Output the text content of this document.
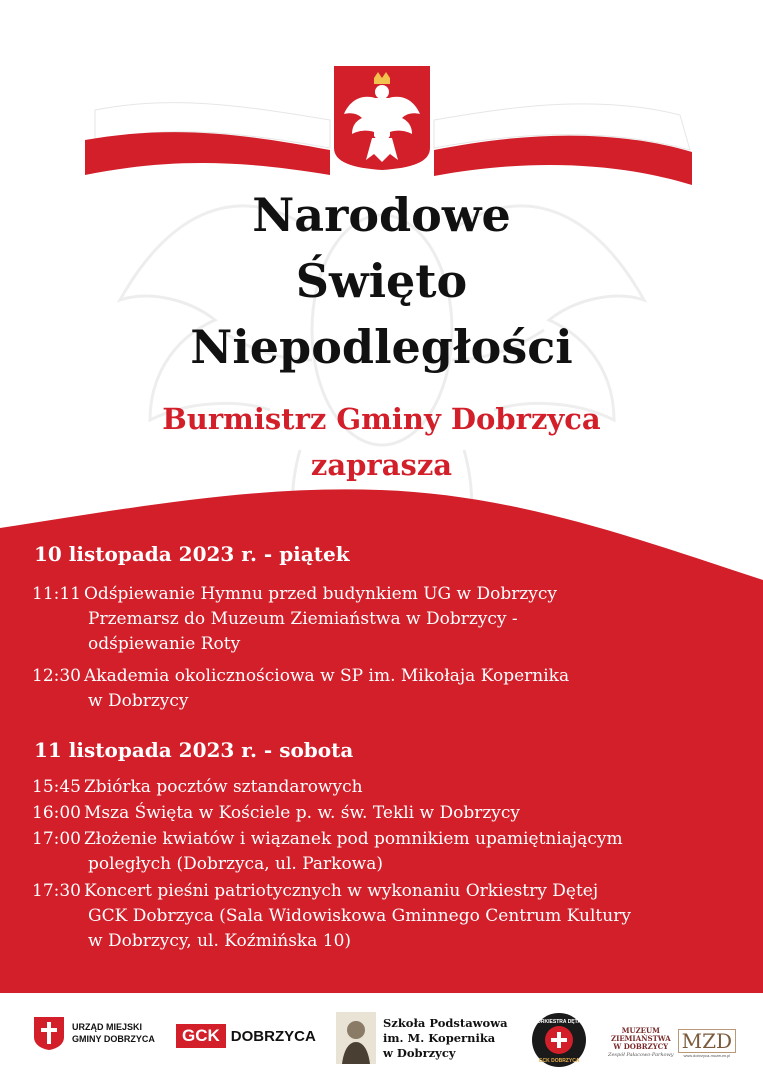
Narodowe
Święto
Niepodległości
Burmistrz Gminy Dobrzyca
zaprasza
10 listopada 2023 r. - piątek
11:11 Odśpiewanie Hymnu przed budynkiem UG w Dobrzycy
Przemarsz do Muzeum Ziemiaństwa w Dobrzycy -
odśpiewanie Roty
12:30 Akademia okolicznościowa w SP im. Mikołaja Kopernika
w Dobrzycy
11 listopada 2023 r. - sobota
15:45 Zbiórka pocztów sztandarowych
16:00 Msza Święta w Kościele p. w. św. Tekli w Dobrzycy
17:00 Złożenie kwiatów i wiązanek pod pomnikiem upamiętniającym
poległych (Dobrzyca, ul. Parkowa)
17:30 Koncert pieśni patriotycznych w wykonaniu Orkiestry Dętej
GCK Dobrzyca (Sala Widowiskowa Gminnego Centrum Kultury
w Dobrzycy, ul. Koźmińska 10)
URZĄD MIEJSKI
GMINY DOBRZYCA	GCK DOBRZYCA
Szkoła Podstawowa
im. M. Kopernika
w Dobrzycy
ORKIESTRA DĘTA
GCK DOBRZYCA
MUZEUM
ZIEMIAŃSTWA
W DOBRZYCY
Zespół Pałacowo-Parkowy
MZD
www.dobrzyca-muzeum.pl
